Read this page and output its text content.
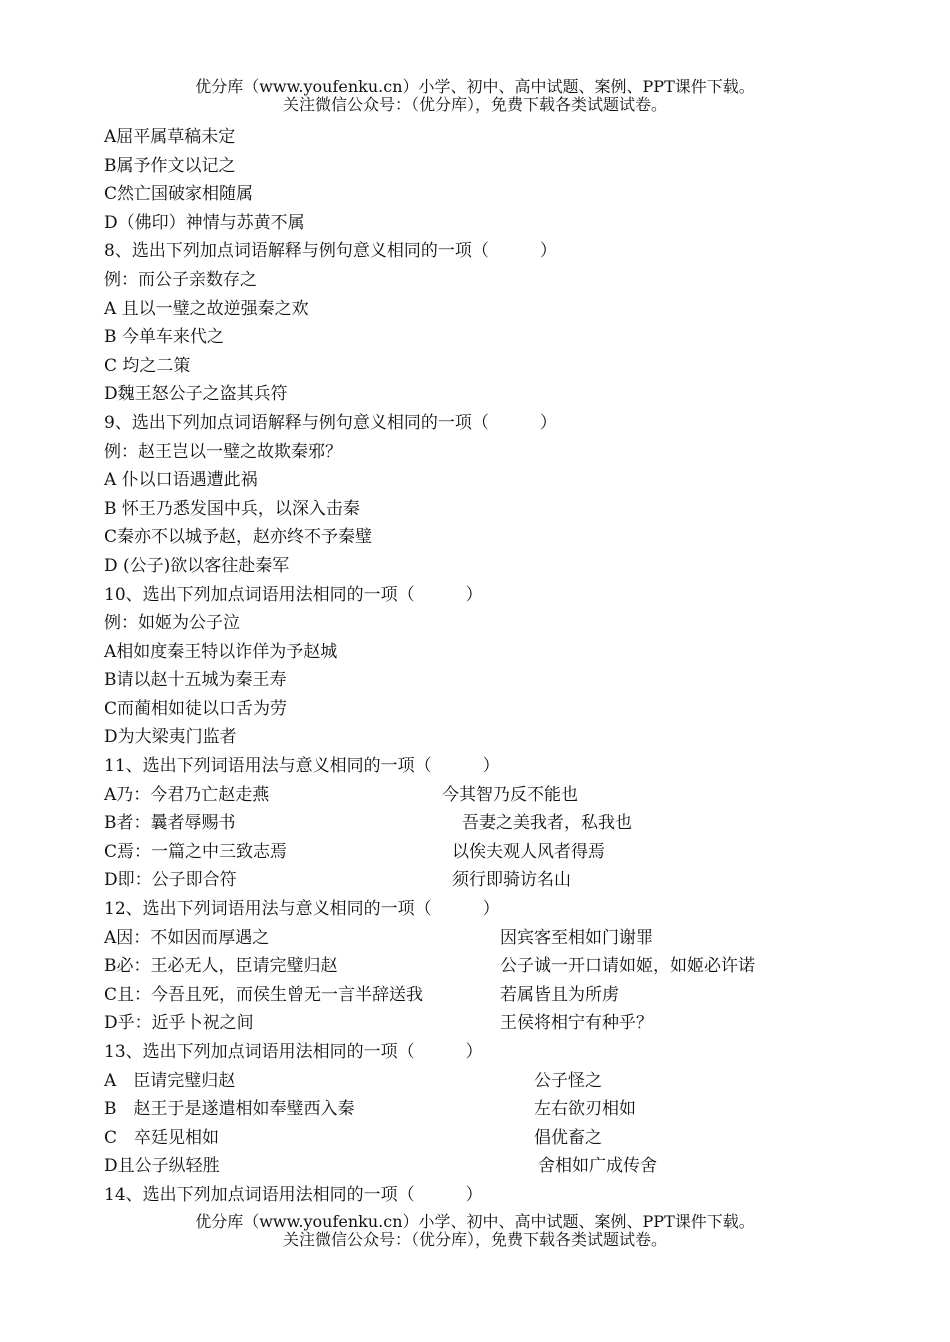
优分库（www.youfenku.cn）小学、初中、高中试题、案例、PPT课件下载。
关注微信公众号：（优分库），免费下载各类试题试卷。
A屈平属草稿未定
B属予作文以记之
C然亡国破家相随属
D（佛印）神情与苏黄不属
8、选出下列加点词语解释与例句意义相同的一项（　　　）
例：而公子亲数存之
A 且以一璧之故逆强秦之欢
B 今单车来代之
C 均之二策
D魏王怒公子之盗其兵符
9、选出下列加点词语解释与例句意义相同的一项（　　　）
例：赵王岂以一璧之故欺秦邪？
A 仆以口语遇遭此祸
B 怀王乃悉发国中兵，以深入击秦
C秦亦不以城予赵，赵亦终不予秦璧
D (公子)欲以客往赴秦军
10、选出下列加点词语用法相同的一项（　　　）
例：如姬为公子泣
A相如度秦王特以诈佯为予赵城
B请以赵十五城为秦王寿
C而蔺相如徒以口舌为劳
D为大梁夷门监者
11、选出下列词语用法与意义相同的一项（　　　）
A乃：今君乃亡赵走燕	今其智乃反不能也
B者：曩者辱赐书	吾妻之美我者，私我也
C焉：一篇之中三致志焉	以俟夫观人风者得焉
D即：公子即合符	须行即骑访名山
12、选出下列词语用法与意义相同的一项（　　　）
A因：不如因而厚遇之	因宾客至相如门谢罪
B必：王必无人，臣请完璧归赵	公子诚一开口请如姬，如姬必许诺
C且：今吾且死，而侯生曾无一言半辞送我	若属皆且为所虏
D乎：近乎卜祝之间	王侯将相宁有种乎？
13、选出下列加点词语用法相同的一项（　　　）
A　臣请完璧归赵	公子怪之
B　赵王于是遂遣相如奉璧西入秦	左右欲刃相如
C　卒廷见相如	倡优畜之
D且公子纵轻胜	舍相如广成传舍
14、选出下列加点词语用法相同的一项（　　　）
优分库（www.youfenku.cn）小学、初中、高中试题、案例、PPT课件下载。
关注微信公众号：（优分库），免费下载各类试题试卷。
